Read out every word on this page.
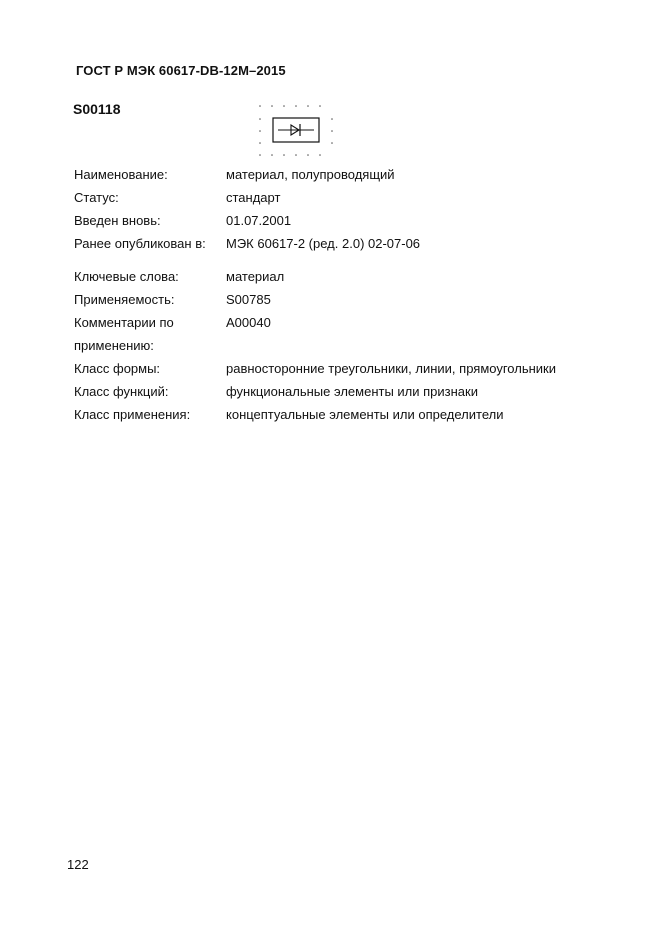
ГОСТ Р МЭК 60617-DB-12M–2015
S00118
Наименование:	материал, полупроводящий
Статус:	стандарт
Введен вновь:	01.07.2001
Ранее опубликован в: МЭК 60617-2 (ред. 2.0) 02-07-06
Ключевые слова:	материал
Применяемость:	S00785
Комментарии по	A00040
применению:
Класс формы:	равносторонние треугольники, линии, прямоугольники
Класс функций:	функциональные элементы или признаки
Класс применения:	концептуальные элементы или определители
122
